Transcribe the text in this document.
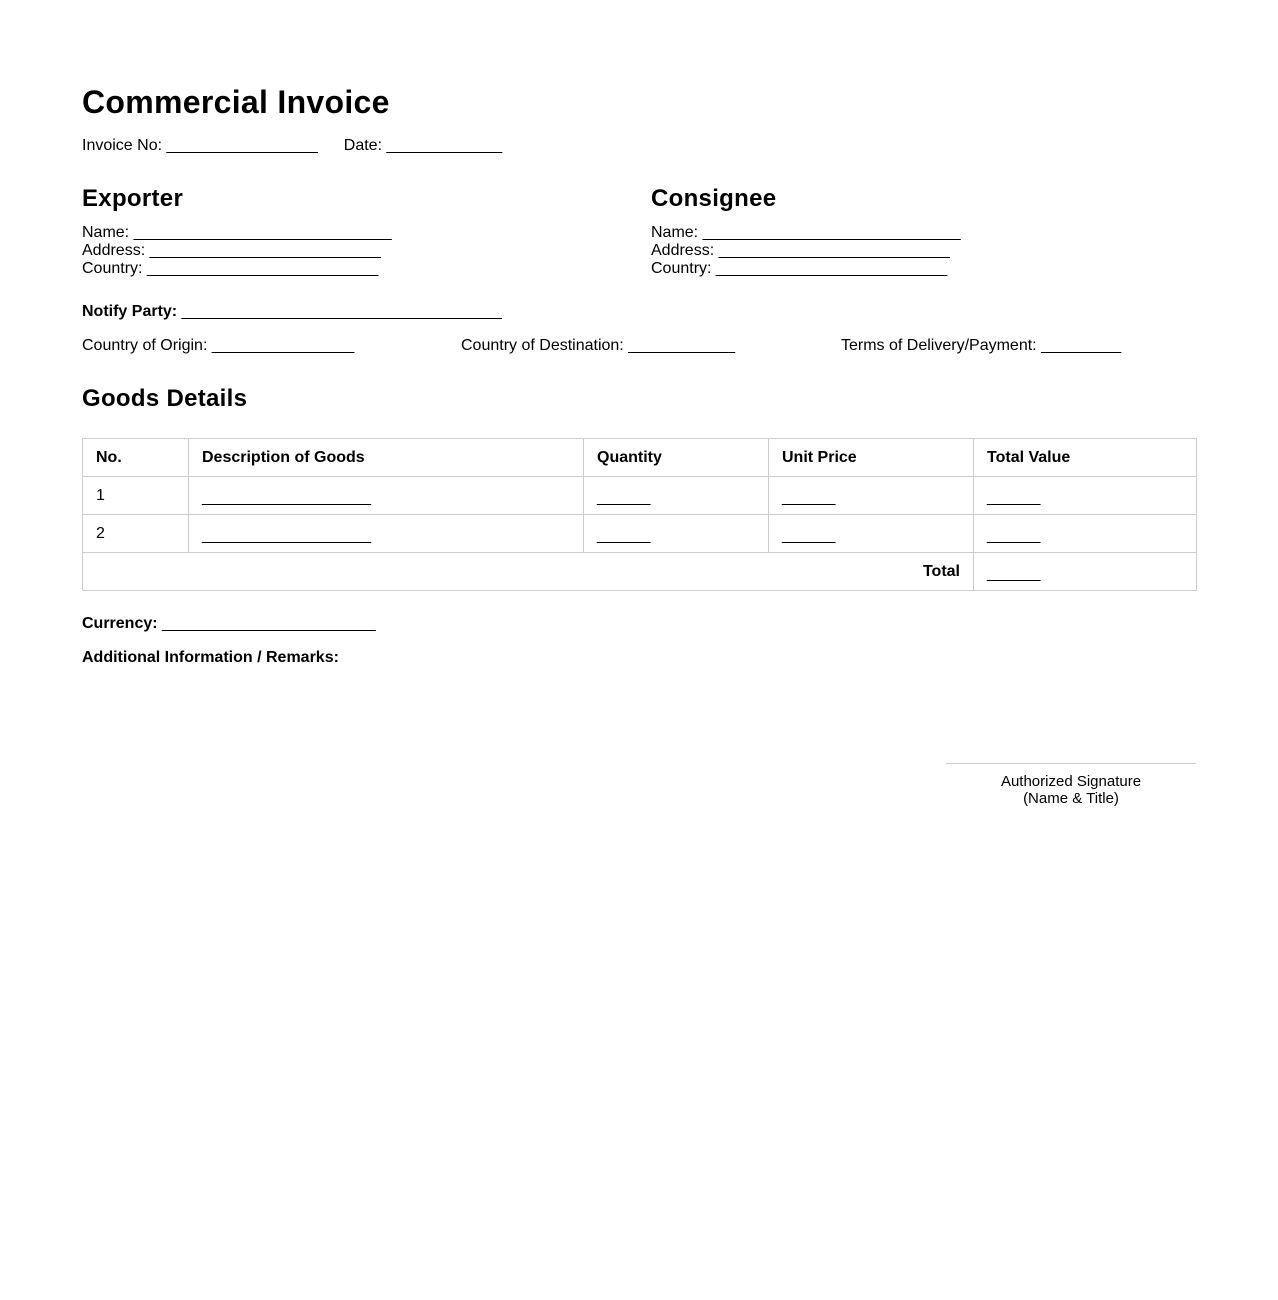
Commercial Invoice
Invoice No: _________________ Date: _____________
Exporter
Name: _____________________________
Address: __________________________
Country: __________________________
Consignee
Name: _____________________________
Address: __________________________
Country: __________________________
Notify Party: ____________________________________

Country of Origin: ________________

	Country of Destination: ____________

	Terms of Delivery/Payment: _________

Goods Details
No.	Description of Goods	Quantity	Unit Price	Total Value
1	___________________	______	______	______
2	___________________	______	______	______
Total				______
Currency: ________________________
Additional Information / Remarks:
Authorized Signature
(Name & Title)
